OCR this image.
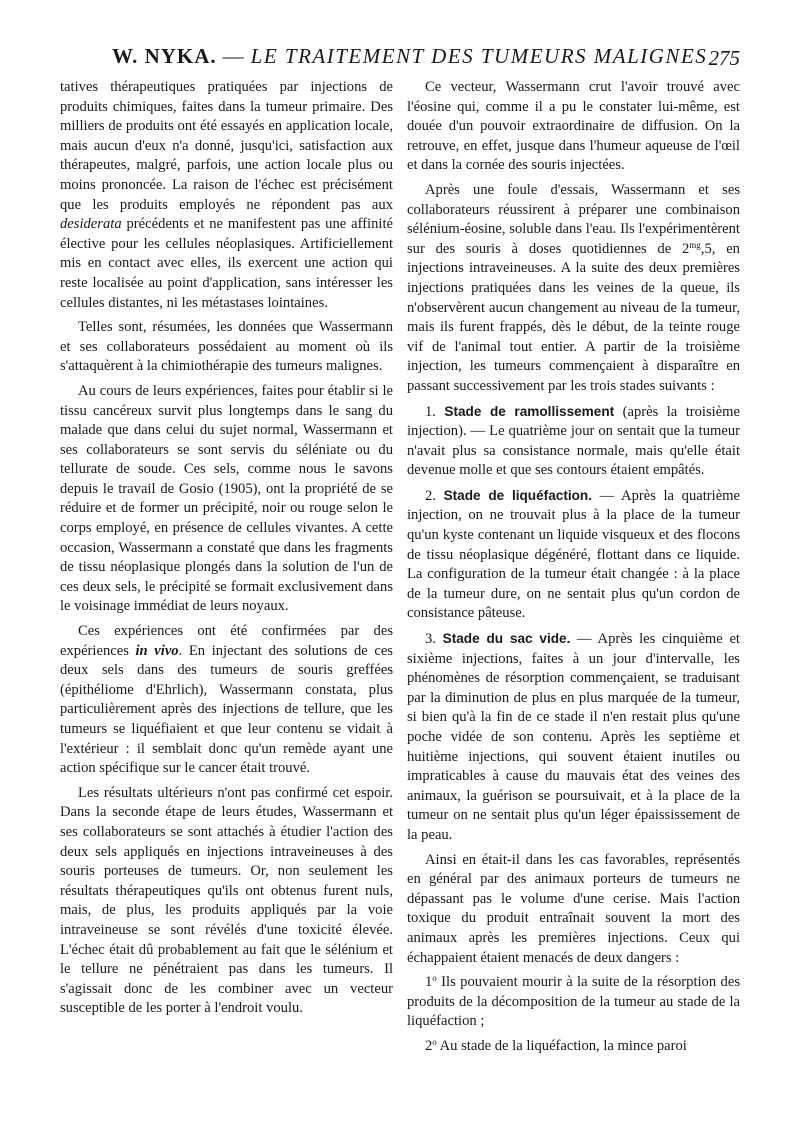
W. NYKA. — LE TRAITEMENT DES TUMEURS MALIGNES 275

tatives thérapeutiques pratiquées par injections de produits chimiques, faites dans la tumeur primaire. Des milliers de produits ont été essayés en application locale, mais aucun d'eux n'a donné, jusqu'ici, satisfaction aux thérapeutes, malgré, parfois, une action locale plus ou moins prononcée. La raison de l'échec est précisément que les produits employés ne répondent pas aux desiderata précédents et ne manifestent pas une affinité élective pour les cellules néoplasiques. Artificiellement mis en contact avec elles, ils exercent une action qui reste localisée au point d'application, sans intéresser les cellules distantes, ni les métastases lointaines.

Telles sont, résumées, les données que Wassermann et ses collaborateurs possédaient au moment où ils s'attaquèrent à la chimiothérapie des tumeurs malignes.

Au cours de leurs expériences, faites pour établir si le tissu cancéreux survit plus longtemps dans le sang du malade que dans celui du sujet normal, Wassermann et ses collaborateurs se sont servis du séléniate ou du tellurate de soude. Ces sels, comme nous le savons depuis le travail de Gosio (1905), ont la propriété de se réduire et de former un précipité, noir ou rouge selon le corps employé, en présence de cellules vivantes. A cette occasion, Wassermann a constaté que dans les fragments de tissu néoplasique plongés dans la solution de l'un de ces deux sels, le précipité se formait exclusivement dans le voisinage immédiat de leurs noyaux.

Ces expériences ont été confirmées par des expériences in vivo. En injectant des solutions de ces deux sels dans des tumeurs de souris greffées (épithéliome d'Ehrlich), Wassermann constata, plus particulièrement après des injections de tellure, que les tumeurs se liquéfiaient et que leur contenu se vidait à l'extérieur : il semblait donc qu'un remède ayant une action spécifique sur le cancer était trouvé.

Les résultats ultérieurs n'ont pas confirmé cet espoir. Dans la seconde étape de leurs études, Wassermann et ses collaborateurs se sont attachés à étudier l'action des deux sels appliqués en injections intraveineuses à des souris porteuses de tumeurs. Or, non seulement les résultats thérapeutiques qu'ils ont obtenus furent nuls, mais, de plus, les produits appliqués par la voie intraveineuse se sont révélés d'une toxicité élevée. L'échec était dû probablement au fait que le sélénium et le tellure ne pénétraient pas dans les tumeurs. Il s'agissait donc de les combiner avec un vecteur susceptible de les porter à l'endroit voulu.

Ce vecteur, Wassermann crut l'avoir trouvé avec l'éosine qui, comme il a pu le constater lui-même, est douée d'un pouvoir extraordinaire de diffusion. On la retrouve, en effet, jusque dans l'humeur aqueuse de l'œil et dans la cornée des souris injectées.

Après une foule d'essais, Wassermann et ses collaborateurs réussirent à préparer une combinaison sélénium-éosine, soluble dans l'eau. Ils l'expérimentèrent sur des souris à doses quotidiennes de $2^{mg},5$, en injections intraveineuses. A la suite des deux premières injections pratiquées dans les veines de la queue, ils n'observèrent aucun changement au niveau de la tumeur, mais ils furent frappés, dès le début, de la teinte rouge vif de l'animal tout entier. A partir de la troisième injection, les tumeurs commençaient à disparaître en passant successivement par les trois stades suivants :

1. Stade de ramollissement (après la troisième injection). — Le quatrième jour on sentait que la tumeur n'avait plus sa consistance normale, mais qu'elle était devenue molle et que ses contours étaient empâtés.

2. Stade de liquéfaction. — Après la quatrième injection, on ne trouvait plus à la place de la tumeur qu'un kyste contenant un liquide visqueux et des flocons de tissu néoplasique dégénéré, flottant dans ce liquide. La configuration de la tumeur était changée : à la place de la tumeur dure, on ne sentait plus qu'un cordon de consistance pâteuse.

3. Stade du sac vide. — Après les cinquième et sixième injections, faites à un jour d'intervalle, les phénomènes de résorption commençaient, se traduisant par la diminution de plus en plus marquée de la tumeur, si bien qu'à la fin de ce stade il n'en restait plus qu'une poche vidée de son contenu. Après les septième et huitième injections, qui souvent étaient inutiles ou impraticables à cause du mauvais état des veines des animaux, la guérison se poursuivait, et à la place de la tumeur on ne sentait plus qu'un léger épaississement de la peau.

Ainsi en était-il dans les cas favorables, représentés en général par des animaux porteurs de tumeurs ne dépassant pas le volume d'une cerise. Mais l'action toxique du produit entraînait souvent la mort des animaux après les premières injections. Ceux qui échappaient étaient menacés de deux dangers :

1$^o$ Ils pouvaient mourir à la suite de la résorption des produits de la décomposition de la tumeur au stade de la liquéfaction ;

2$^o$ Au stade de la liquéfaction, la mince paroi
